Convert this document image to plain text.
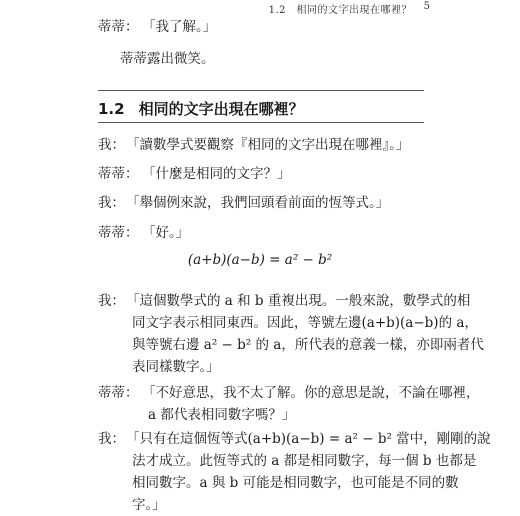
1.2　相同的文字出現在哪裡？ 5
蒂蒂： 「我了解。」
蒂蒂露出微笑。
1.2 相同的文字出現在哪裡？
我： 「讀數學式要觀察『相同的文字出現在哪裡』。」
蒂蒂： 「什麼是相同的文字？」
我： 「舉個例來說，我們回頭看前面的恆等式。」
蒂蒂： 「好。」
(a+b)(a−b) = a² − b²
我： 「這個數學式的 a 和 b 重複出現。一般來說，數學式的相
同文字表示相同東西。因此，等號左邊(a+b)(a−b)的 a，
與等號右邊 a² − b² 的 a，所代表的意義一樣，亦即兩者代
表同樣數字。」
蒂蒂： 「不好意思，我不太了解。你的意思是說，不論在哪裡，
a 都代表相同數字嗎？」
我： 「只有在這個恆等式(a+b)(a−b) = a² − b² 當中，剛剛的說
法才成立。此恆等式的 a 都是相同數字，每一個 b 也都是
相同數字。a 與 b 可能是相同數字，也可能是不同的數
字。」
